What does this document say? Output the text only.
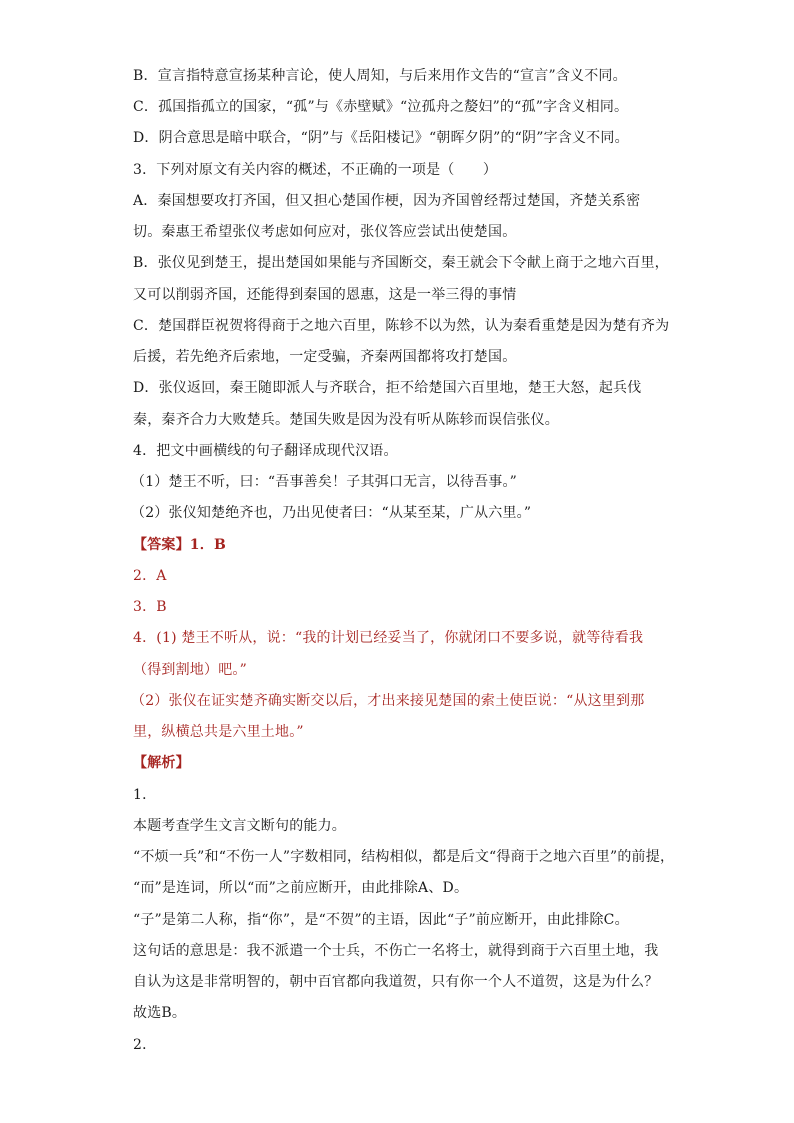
B．宣言指特意宣扬某种言论，使人周知，与后来用作文告的“宣言”含义不同。
C．孤国指孤立的国家，“孤”与《赤壁赋》“泣孤舟之嫠妇”的“孤”字含义相同。
D．阴合意思是暗中联合，“阴”与《岳阳楼记》“朝晖夕阴”的“阴”字含义不同。
3．下列对原文有关内容的概述，不正确的一项是（　　）
A．秦国想要攻打齐国，但又担心楚国作梗，因为齐国曾经帮过楚国，齐楚关系密
切。秦惠王希望张仪考虑如何应对，张仪答应尝试出使楚国。
B．张仪见到楚王，提出楚国如果能与齐国断交，秦王就会下令献上商于之地六百里，
又可以削弱齐国，还能得到秦国的恩惠，这是一举三得的事情
C．楚国群臣祝贺将得商于之地六百里，陈轸不以为然，认为秦看重楚是因为楚有齐为
后援，若先绝齐后索地，一定受骗，齐秦两国都将攻打楚国。
D．张仪返回，秦王随即派人与齐联合，拒不给楚国六百里地，楚王大怒，起兵伐
秦，秦齐合力大败楚兵。楚国失败是因为没有听从陈轸而误信张仪。
4．把文中画横线的句子翻译成现代汉语。
（1）楚王不听，曰：“吾事善矣！子其弭口无言，以待吾事。”
（2）张仪知楚绝齐也，乃出见使者曰：“从某至某，广从六里。”
【答案】1．B
2．A
3．B
4．(1) 楚王不听从，说：“我的计划已经妥当了，你就闭口不要多说，就等待看我
（得到割地）吧。”
（2）张仪在证实楚齐确实断交以后，才出来接见楚国的索土使臣说：“从这里到那
里，纵横总共是六里土地。”
【解析】
1．
本题考查学生文言文断句的能力。
“不烦一兵”和“不伤一人”字数相同，结构相似，都是后文“得商于之地六百里”的前提，
“而”是连词，所以“而”之前应断开，由此排除A、D。
“子”是第二人称，指“你”，是“不贺”的主语，因此“子”前应断开，由此排除C。
这句话的意思是：我不派遣一个士兵，不伤亡一名将士，就得到商于六百里土地，我
自认为这是非常明智的，朝中百官都向我道贺，只有你一个人不道贺，这是为什么？
故选B。
2．
